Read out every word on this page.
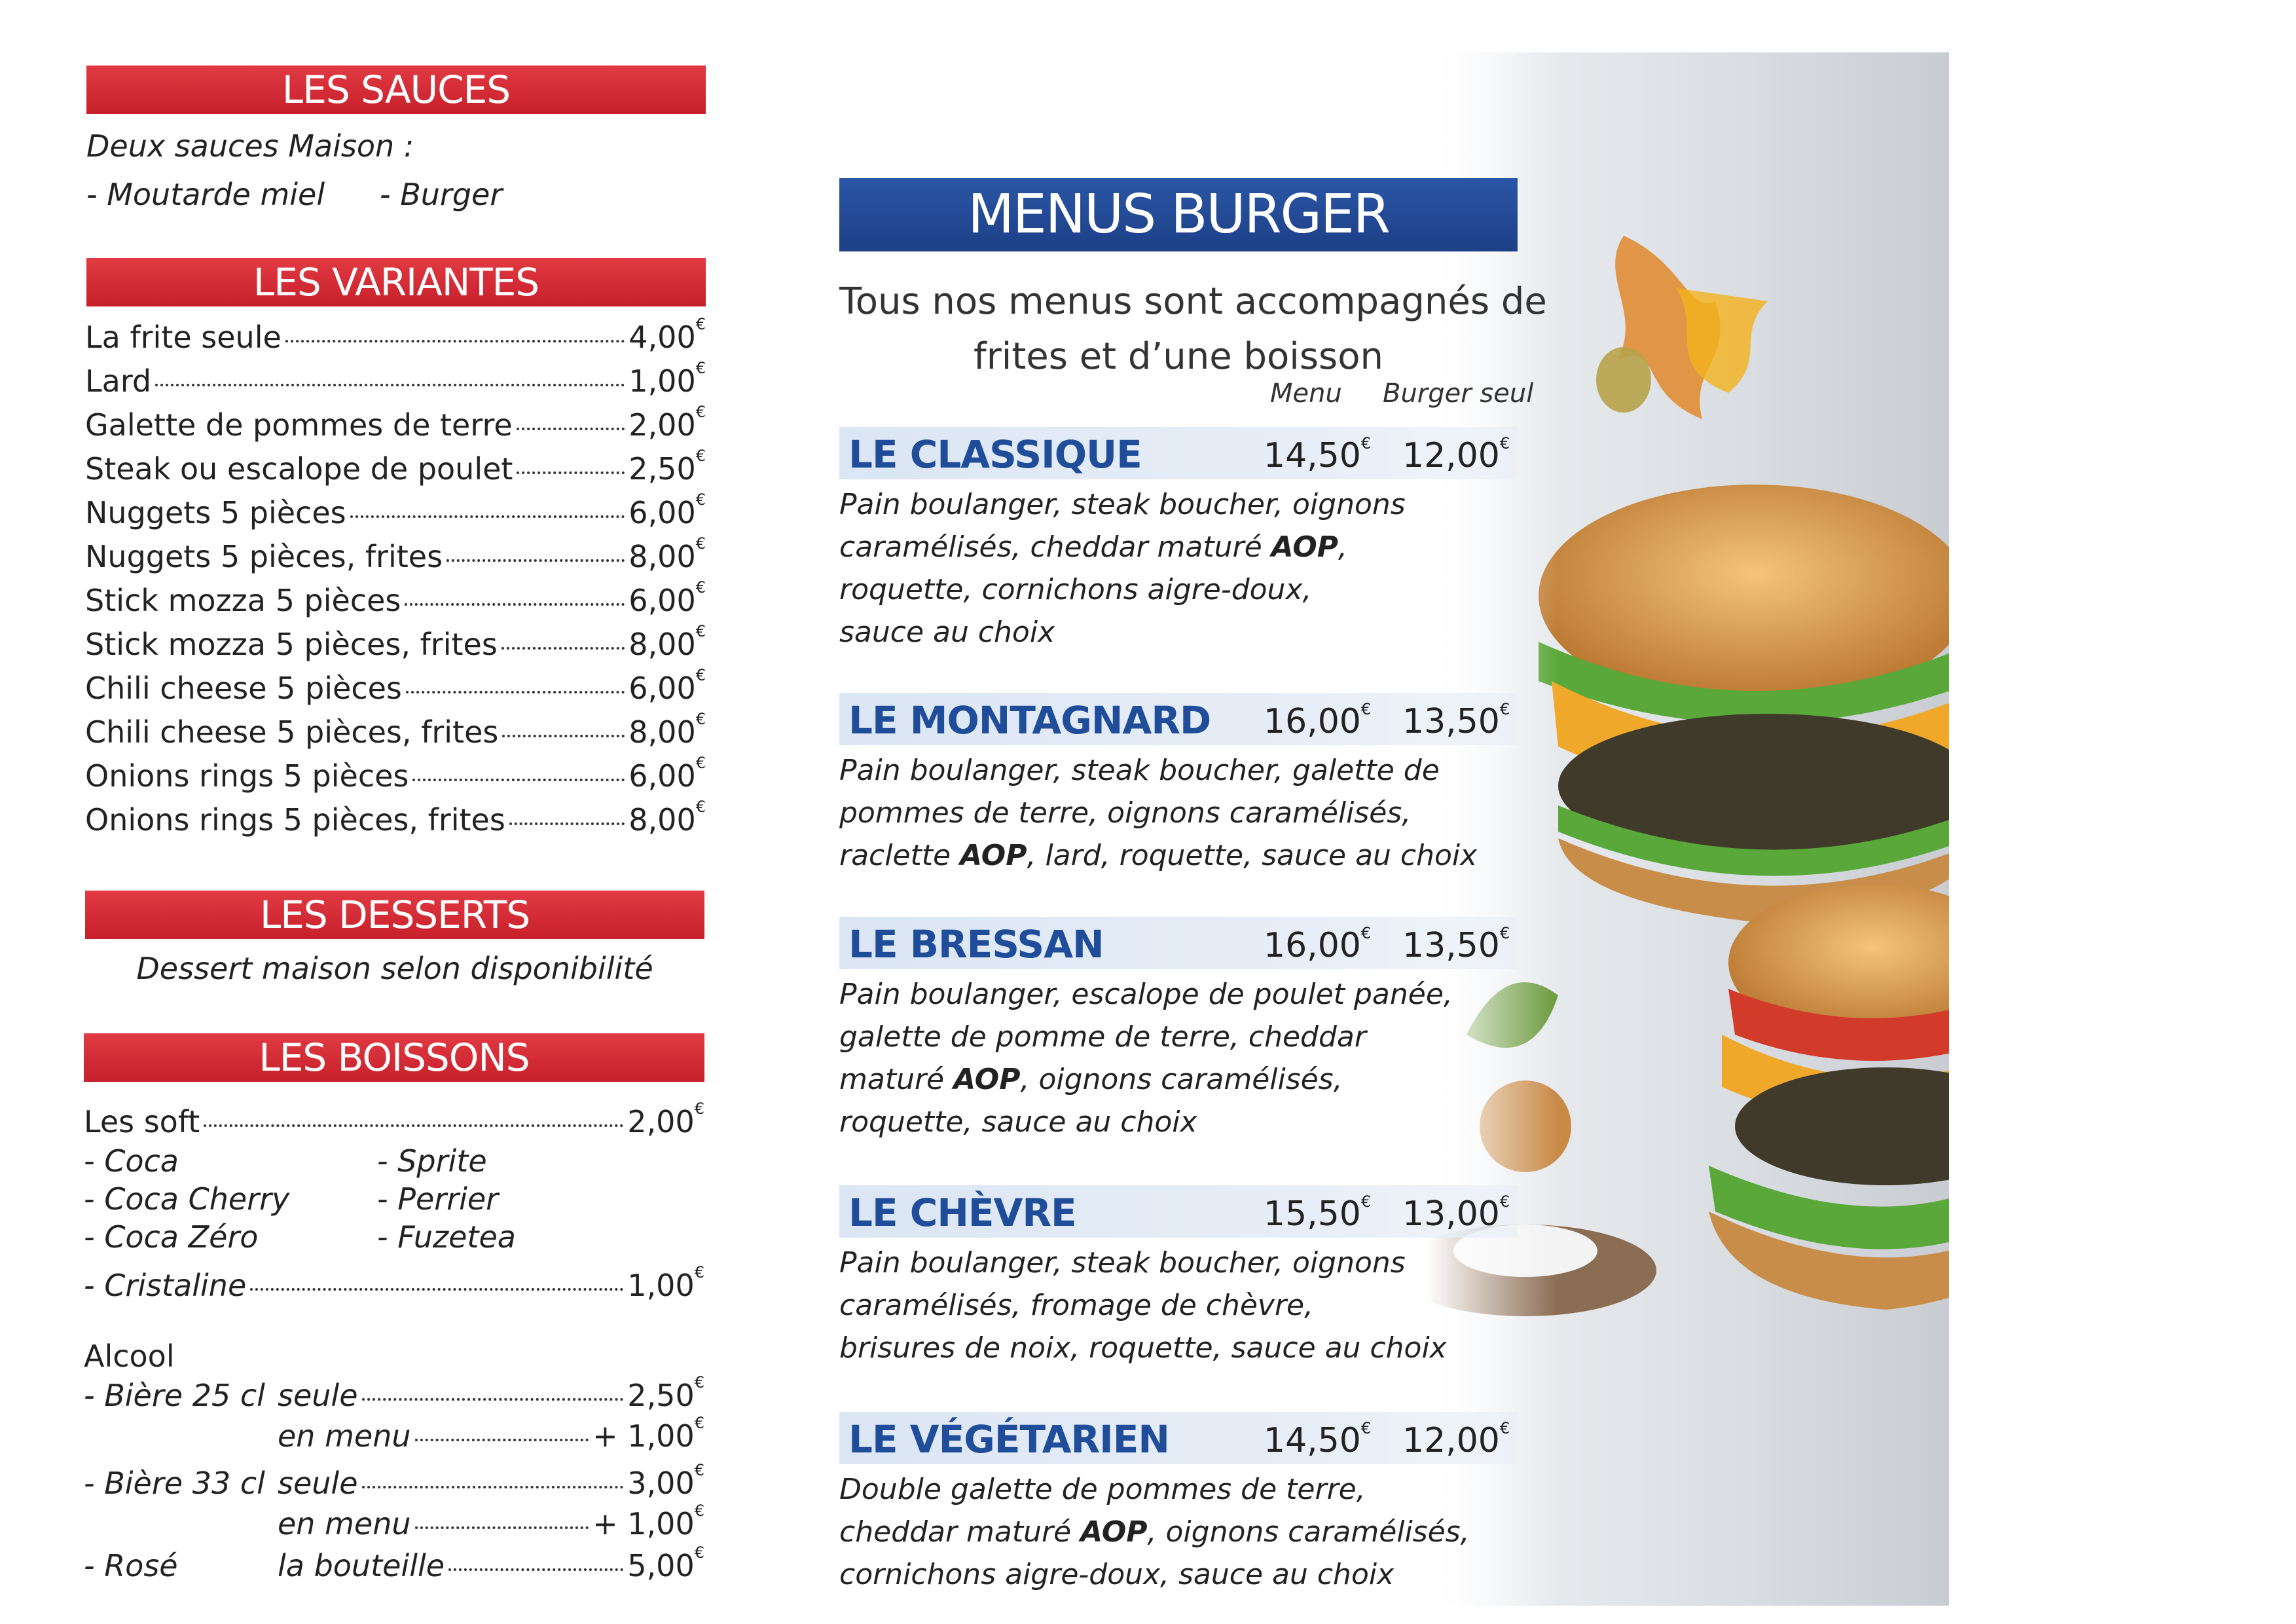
LES SAUCES
Deux sauces Maison :
- Moutarde miel - Burger
LES VARIANTES
La frite seule	4,00€
Lard	1,00€
Galette de pommes de terre	2,00€
Steak ou escalope de poulet	2,50€
Nuggets 5 pièces	6,00€
Nuggets 5 pièces, frites	8,00€
Stick mozza 5 pièces	6,00€
Stick mozza 5 pièces, frites	8,00€
Chili cheese 5 pièces	6,00€
Chili cheese 5 pièces, frites	8,00€
Onions rings 5 pièces	6,00€
Onions rings 5 pièces, frites	8,00€
LES DESSERTS
Dessert maison selon disponibilité
LES BOISSONS
Les soft	2,00€
- Coca
- Coca Cherry
- Coca Zéro
- Sprite
- Perrier
- Fuzetea
- Cristaline	1,00€
Alcool
- Bière 25 cl seule	2,50€
en menu	+ 1,00€
- Bière 33 cl seule	3,00€
en menu	+ 1,00€
- Rosé	la bouteille	5,00€
MENUS BURGER
Tous nos menus sont accompagnés de
frites et d’une boisson
Menu Burger seul
LE CLASSIQUE	14,50€ 12,00€
Pain boulanger, steak boucher, oignons
caramélisés, cheddar maturé AOP,
roquette, cornichons aigre-doux,
sauce au choix
LE MONTAGNARD 16,00€ 13,50€
Pain boulanger, steak boucher, galette de
pommes de terre, oignons caramélisés,
raclette AOP, lard, roquette, sauce au choix
LE BRESSAN	16,00€ 13,50€
Pain boulanger, escalope de poulet panée,
galette de pomme de terre, cheddar
maturé AOP, oignons caramélisés,
roquette, sauce au choix
LE CHÈVRE	15,50€ 13,00€
Pain boulanger, steak boucher, oignons
caramélisés, fromage de chèvre,
brisures de noix, roquette, sauce au choix
LE VÉGÉTARIEN	14,50€ 12,00€
Double galette de pommes de terre,
cheddar maturé AOP, oignons caramélisés,
cornichons aigre-doux, sauce au choix
